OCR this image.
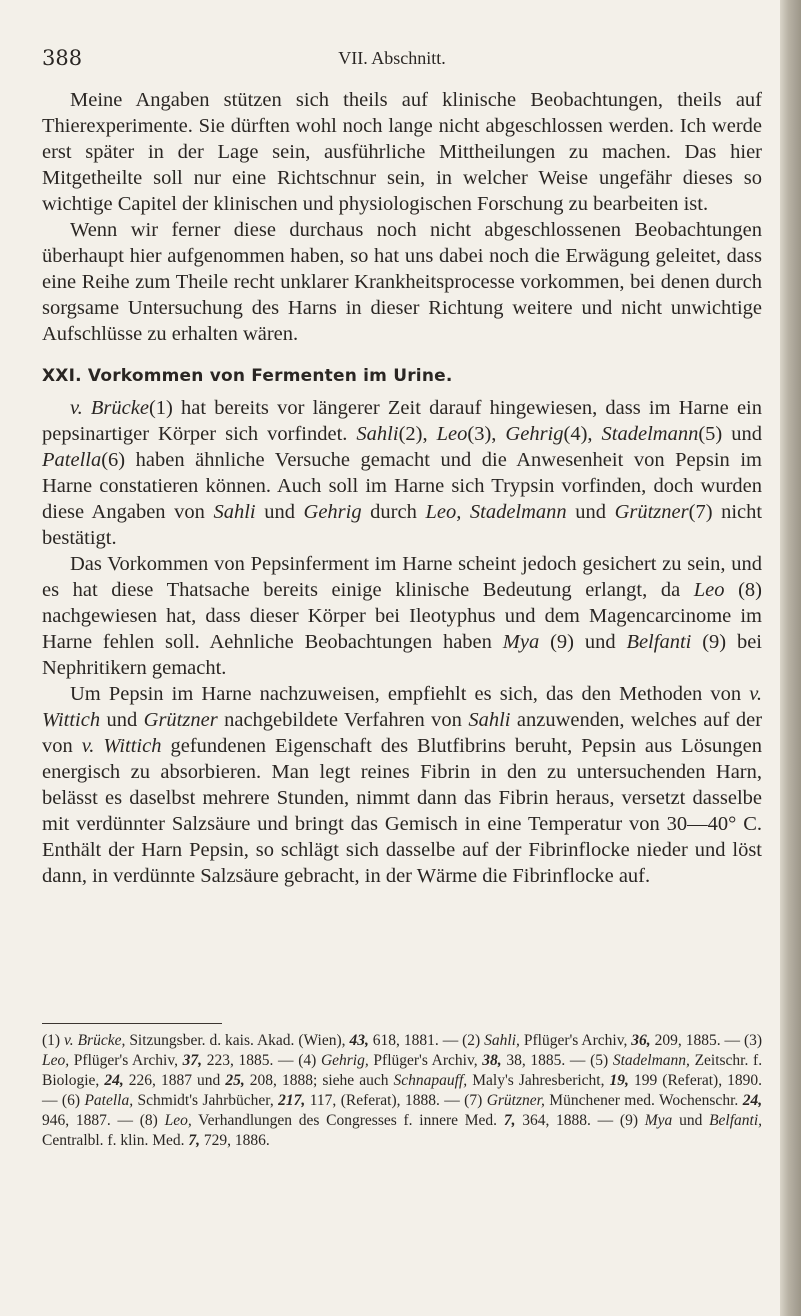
388	VII. Abschnitt.

Meine Angaben stützen sich theils auf klinische Beobachtungen, theils auf Thierexperimente. Sie dürften wohl noch lange nicht abgeschlossen werden. Ich werde erst später in der Lage sein, ausführliche Mittheilungen zu machen. Das hier Mitgetheilte soll nur eine Richtschnur sein, in welcher Weise ungefähr dieses so wichtige Capitel der klinischen und physiologischen Forschung zu bearbeiten ist.

Wenn wir ferner diese durchaus noch nicht abgeschlossenen Beobachtungen überhaupt hier aufgenommen haben, so hat uns dabei noch die Erwägung geleitet, dass eine Reihe zum Theile recht unklarer Krankheitsprocesse vorkommen, bei denen durch sorgsame Untersuchung des Harns in dieser Richtung weitere und nicht unwichtige Aufschlüsse zu erhalten wären.

XXI. Vorkommen von Fermenten im Urine.

v. Brücke(1) hat bereits vor längerer Zeit darauf hingewiesen, dass im Harne ein pepsinartiger Körper sich vorfindet. Sahli(2), Leo(3), Gehrig(4), Stadelmann(5) und Patella(6) haben ähnliche Versuche gemacht und die Anwesenheit von Pepsin im Harne constatieren können. Auch soll im Harne sich Trypsin vorfinden, doch wurden diese Angaben von Sahli und Gehrig durch Leo, Stadelmann und Grützner(7) nicht bestätigt.

Das Vorkommen von Pepsinferment im Harne scheint jedoch gesichert zu sein, und es hat diese Thatsache bereits einige klinische Bedeutung erlangt, da Leo (8) nachgewiesen hat, dass dieser Körper bei Ileotyphus und dem Magencarcinome im Harne fehlen soll. Aehnliche Beobachtungen haben Mya (9) und Belfanti (9) bei Nephritikern gemacht.

Um Pepsin im Harne nachzuweisen, empfiehlt es sich, das den Methoden von v. Wittich und Grützner nachgebildete Verfahren von Sahli anzuwenden, welches auf der von v. Wittich gefundenen Eigenschaft des Blutfibrins beruht, Pepsin aus Lösungen energisch zu absorbieren. Man legt reines Fibrin in den zu untersuchenden Harn, belässt es daselbst mehrere Stunden, nimmt dann das Fibrin heraus, versetzt dasselbe mit verdünnter Salzsäure und bringt das Gemisch in eine Temperatur von 30—40° C. Enthält der Harn Pepsin, so schlägt sich dasselbe auf der Fibrinflocke nieder und löst dann, in verdünnte Salzsäure gebracht, in der Wärme die Fibrinflocke auf.

(1) v. Brücke, Sitzungsber. d. kais. Akad. (Wien), 43, 618, 1881. — (2) Sahli, Pflüger's Archiv, 36, 209, 1885. — (3) Leo, Pflüger's Archiv, 37, 223, 1885. — (4) Gehrig, Pflüger's Archiv, 38, 38, 1885. — (5) Stadelmann, Zeitschr. f. Biologie, 24, 226, 1887 und 25, 208, 1888; siehe auch Schnapauff, Maly's Jahresbericht, 19, 199 (Referat), 1890. — (6) Patella, Schmidt's Jahrbücher, 217, 117, (Referat), 1888. — (7) Grützner, Münchener med. Wochenschr. 24, 946, 1887. — (8) Leo, Verhandlungen des Congresses f. innere Med. 7, 364, 1888. — (9) Mya und Belfanti, Centralbl. f. klin. Med. 7, 729, 1886.
